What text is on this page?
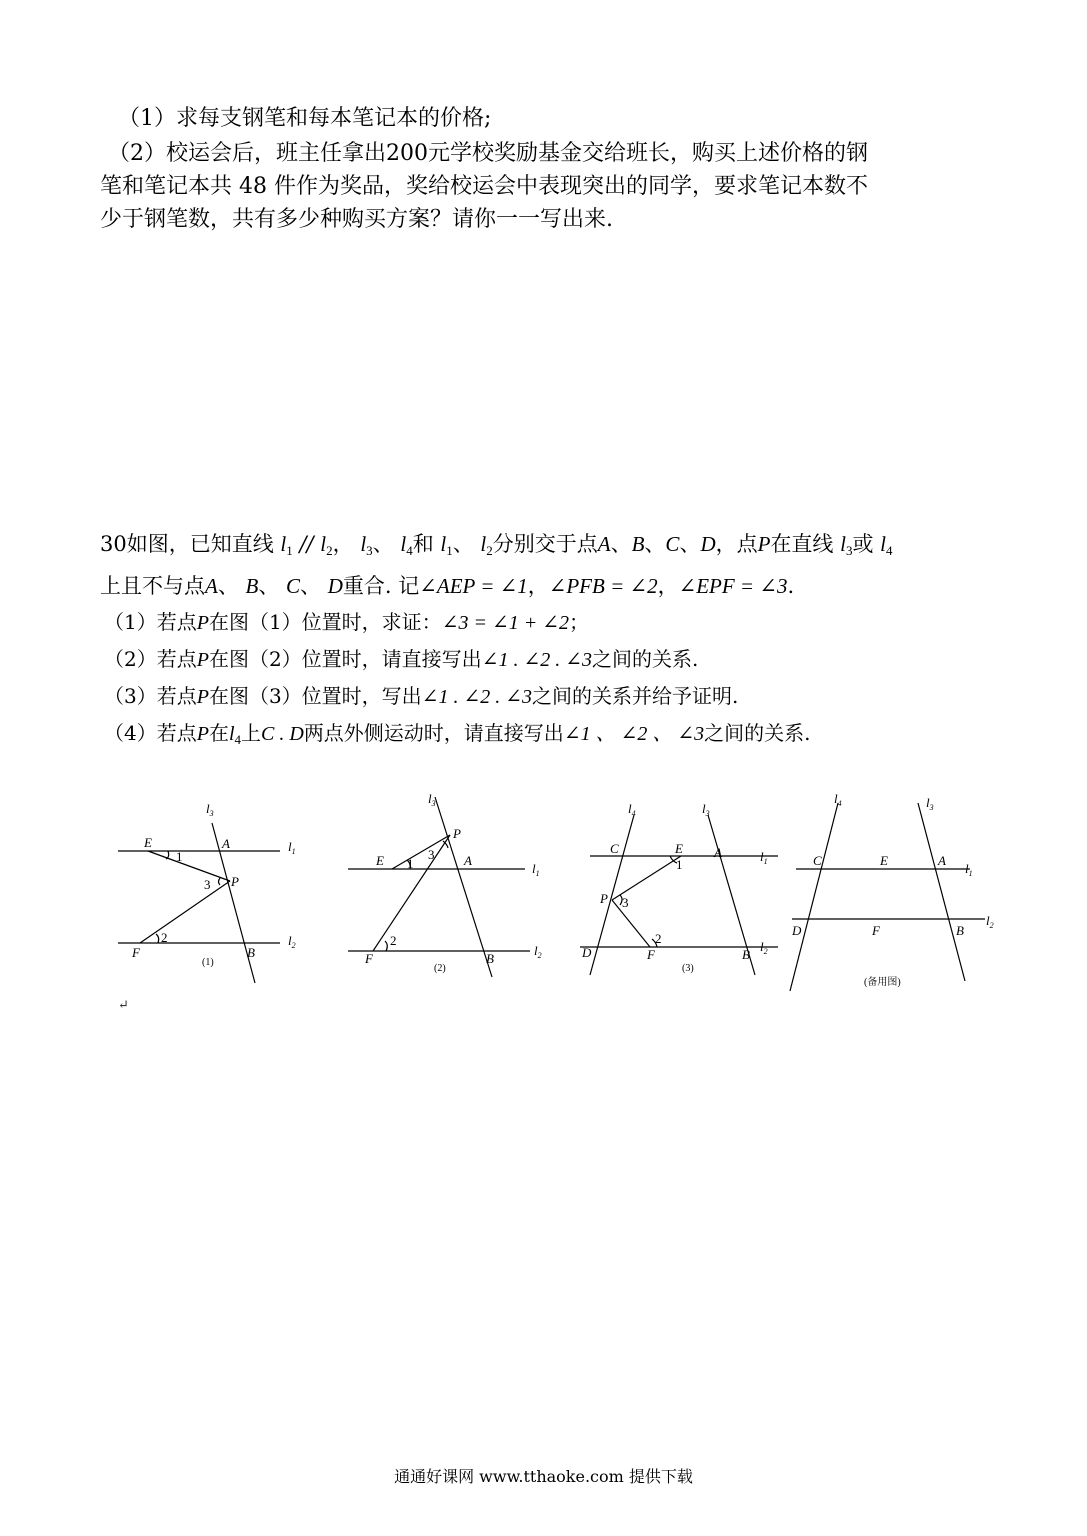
（1）求每支钢笔和每本笔记本的价格;
（2）校运会后，班主任拿出200元学校奖励基金交给班长，购买上述价格的钢
笔和笔记本共 48 件作为奖品，奖给校运会中表现突出的同学，要求笔记本数不
少于钢笔数，共有多少种购买方案？请你一一写出来.
30如图，已知直线 $l_1 // l_2$， $l_3$、 $l_4$和 $l_1$、 $l_2$分别交于点A、B、C、D，点P在直线 $l_3$或 $l_4$
上且不与点A、 B、 C、 D重合. 记∠AEP = ∠1，∠PFB = ∠2，∠EPF = ∠3.
（1）若点P在图（1）位置时，求证：∠3 = ∠1 + ∠2；
（2）若点P在图（2）位置时，请直接写出∠1 . ∠2 . ∠3之间的关系.
（3）若点P在图（3）位置时，写出∠1 . ∠2 . ∠3之间的关系并给予证明.
（4）若点P在$l_4$上C . D两点外侧运动时，请直接写出∠1 、 ∠2 、 ∠3之间的关系.
$l_3$
E
1
A	$l_1$
3 P
2	$l_2$
F	B
(1)
$l_3$
P
3
E 1	A
$l_1$
2
F	B
$l_2$
(2)
$l_4$	$l_3$
C	E A	$l_1$
1
P 3
2
D	F	B
$l_2$
(3)
$l_4$	$l_3$
C	E	A
$l_1$
D	F	B
$l_2$
(备用图)
↵
通通好课网 www.tthaoke.com 提供下载
